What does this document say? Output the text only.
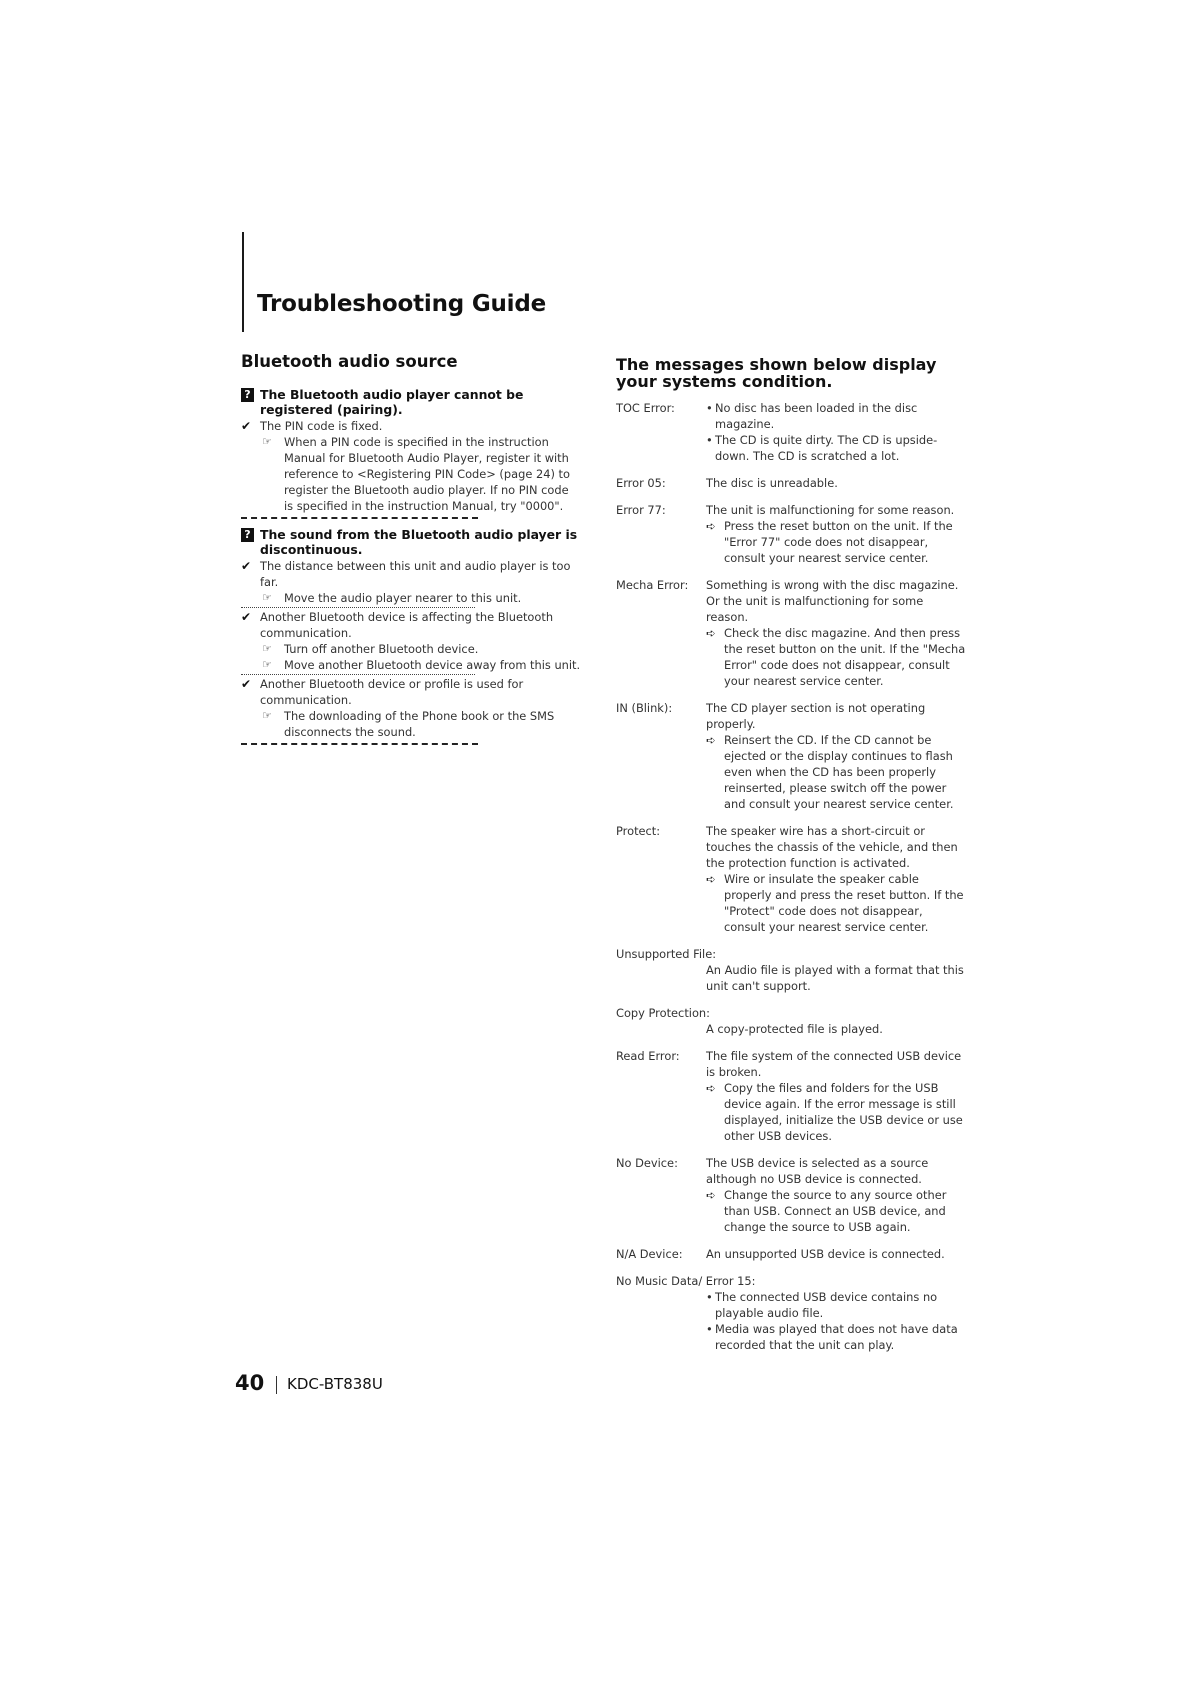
Troubleshooting Guide
Bluetooth audio source
? The Bluetooth audio player cannot be registered (pairing).
✔ The PIN code is fixed.
☞ When a PIN code is specified in the instruction Manual for Bluetooth Audio Player, register it with reference to <Registering PIN Code> (page 24) to register the Bluetooth audio player. If no PIN code is specified in the instruction Manual, try "0000".
? The sound from the Bluetooth audio player is discontinuous.
✔ The distance between this unit and audio player is too far.
☞ Move the audio player nearer to this unit.
✔ Another Bluetooth device is affecting the Bluetooth communication.
☞ Turn off another Bluetooth device.
☞ Move another Bluetooth device away from this unit.
✔ Another Bluetooth device or profile is used for communication.
☞ The downloading of the Phone book or the SMS disconnects the sound.
The messages shown below display your systems condition.
TOC Error:
•	No disc has been loaded in the disc magazine.
• The CD is quite dirty. The CD is upside-down. The CD is scratched a lot.
Error 05:	The disc is unreadable.
Error 77:	The unit is malfunctioning for some reason.
➪ Press the reset button on the unit. If the "Error 77" code does not disappear, consult your nearest service center.
Mecha Error:	Something is wrong with the disc magazine. Or the unit is malfunctioning for some reason.
➪ Check the disc magazine. And then press the reset button on the unit. If the "Mecha Error" code does not disappear, consult your nearest service center.
IN (Blink):	The CD player section is not operating properly.
➪ Reinsert the CD. If the CD cannot be ejected or the display continues to flash even when the CD has been properly reinserted, please switch off the power and consult your nearest service center.
Protect:	The speaker wire has a short-circuit or touches the chassis of the vehicle, and then the protection function is activated.
➪ Wire or insulate the speaker cable properly and press the reset button. If the "Protect" code does not disappear, consult your nearest service center.
Unsupported File:
An Audio file is played with a format that this unit can't support.
Copy Protection:
A copy-protected file is played.
Read Error:	The file system of the connected USB device is broken.
➪ Copy the files and folders for the USB device again. If the error message is still displayed, initialize the USB device or use other USB devices.
No Device:	The USB device is selected as a source although no USB device is connected.
➪ Change the source to any source other than USB. Connect an USB device, and change the source to USB again.
N/A Device:	An unsupported USB device is connected.
No Music Data/ Error 15:
• The connected USB device contains no playable audio file.
• Media was played that does not have data recorded that the unit can play.
40 KDC-BT838U
